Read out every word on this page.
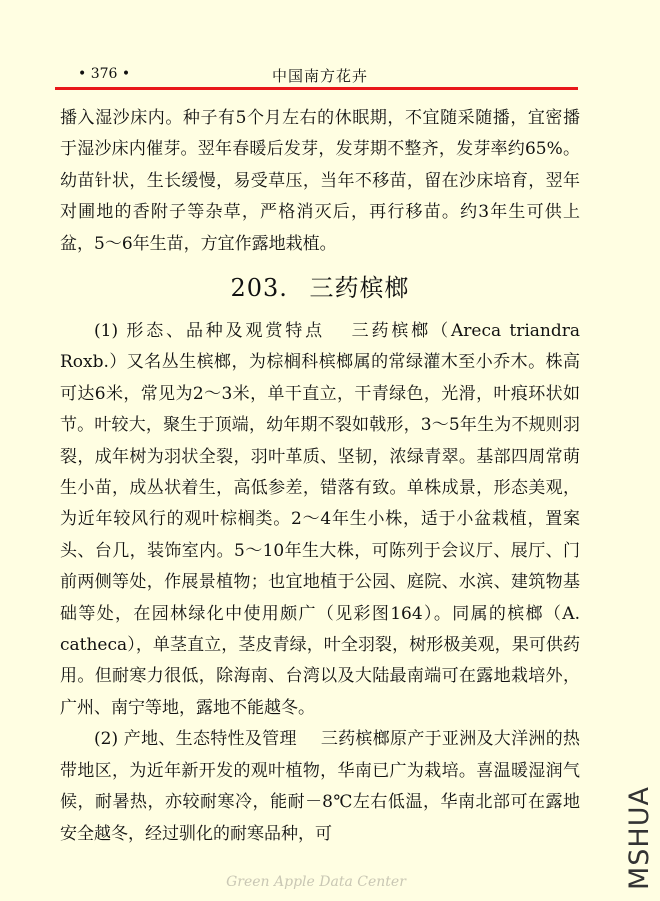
• 376 •	中国南方花卉

播入湿沙床内。种子有5个月左右的休眠期，不宜随采随播，宜密播于湿沙床内催芽。翌年春暖后发芽，发芽期不整齐，发芽率约65%。幼苗针状，生长缓慢，易受草压，当年不移苗，留在沙床培育，翌年对圃地的香附子等杂草，严格消灭后，再行移苗。约3年生可供上盆，5～6年生苗，方宜作露地栽植。

203. 三药槟榔

(1) 形态、品种及观赏特点 三药槟榔（Areca triandra Roxb.）又名丛生槟榔，为棕榈科槟榔属的常绿灌木至小乔木。株高可达6米，常见为2～3米，单干直立，干青绿色，光滑，叶痕环状如节。叶较大，聚生于顶端，幼年期不裂如戟形，3～5年生为不规则羽裂，成年树为羽状全裂，羽叶革质、坚韧，浓绿青翠。基部四周常萌生小苗，成丛状着生，高低参差，错落有致。单株成景，形态美观，为近年较风行的观叶棕榈类。2～4年生小株，适于小盆栽植，置案头、台几，装饰室内。5～10年生大株，可陈列于会议厅、展厅、门前两侧等处，作展景植物；也宜地植于公园、庭院、水滨、建筑物基础等处，在园林绿化中使用颇广（见彩图164）。同属的槟榔（A. catheca），单茎直立，茎皮青绿，叶全羽裂，树形极美观，果可供药用。但耐寒力很低，除海南、台湾以及大陆最南端可在露地栽培外，广州、南宁等地，露地不能越冬。

(2) 产地、生态特性及管理 三药槟榔原产于亚洲及大洋洲的热带地区，为近年新开发的观叶植物，华南已广为栽培。喜温暖湿润气候，耐暑热，亦较耐寒冷，能耐－8℃左右低温，华南北部可在露地安全越冬，经过驯化的耐寒品种，可	MSHUA
Green Apple Data Center
